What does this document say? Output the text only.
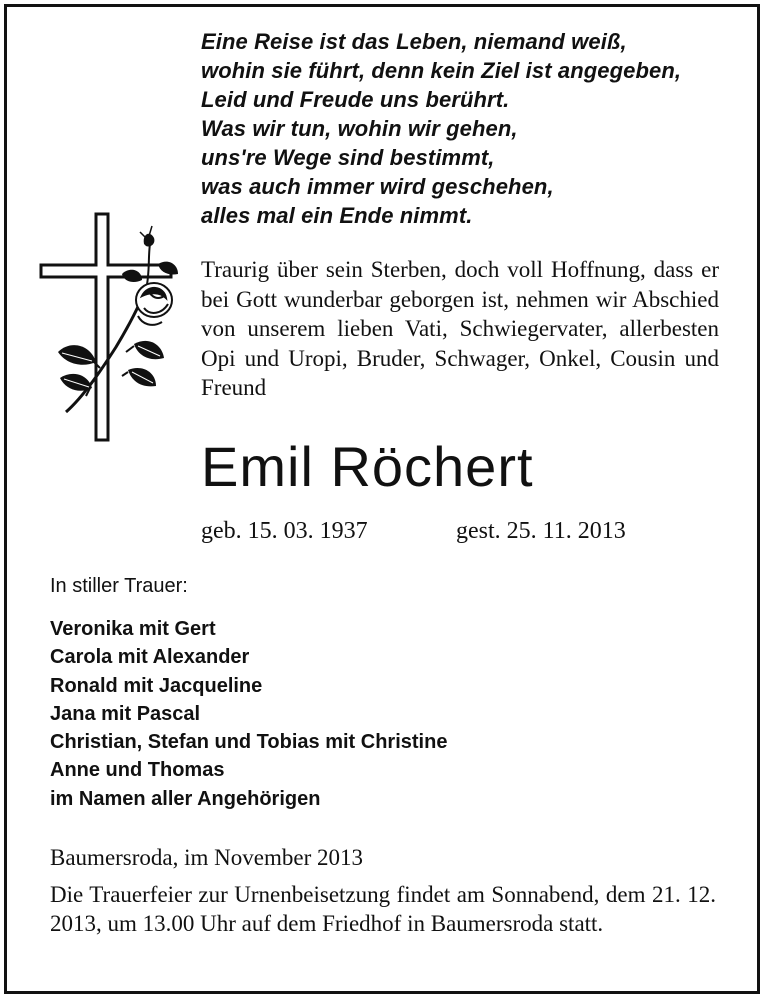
Eine Reise ist das Leben, niemand weiß,
wohin sie führt, denn kein Ziel ist angegeben,
Leid und Freude uns berührt.
Was wir tun, wohin wir gehen,
uns're Wege sind bestimmt,
was auch immer wird geschehen,
alles mal ein Ende nimmt.

Traurig über sein Sterben, doch voll Hoffnung, dass er bei Gott wunderbar geborgen ist, nehmen wir Abschied von unserem lieben Vati, Schwiegervater, allerbesten Opi und Uropi, Bruder, Schwager, Onkel, Cousin und Freund

Emil Röchert
geb. 15. 03. 1937	gest. 25. 11. 2013

In stiller Trauer:

Veronika mit Gert
Carola mit Alexander
Ronald mit Jacqueline
Jana mit Pascal
Christian, Stefan und Tobias mit Christine
Anne und Thomas
im Namen aller Angehörigen

Baumersroda, im November 2013

Die Trauerfeier zur Urnenbeisetzung findet am Sonnabend, dem 21. 12. 2013, um 13.00 Uhr auf dem Friedhof in Baumersroda statt.
